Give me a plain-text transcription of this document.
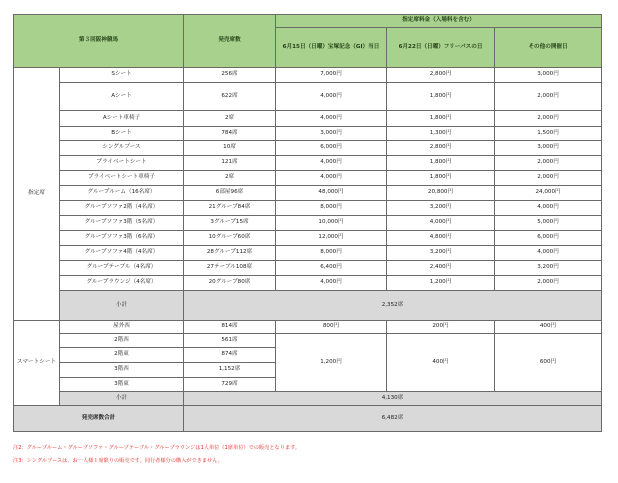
第３回阪神競馬		発売席数	指定席料金（入場料を含む）		
			6月15日（日曜）宝塚記念（GⅠ）当日	6月22日（日曜）フリーパスの日	その他の開催日
指定席	Sシート	256席	7,000円	2,800円	3,000円
	Aシート	622席	4,000円	1,800円	2,000円
	Aシート車椅子	2席	4,000円	1,800円	2,000円
	Bシート	784席	3,000円	1,300円	1,500円
	シングルブース	10席	6,000円	2,800円	3,000円
	プライベートシート	121席	4,000円	1,800円	2,000円
	プライベートシート車椅子	2席	4,000円	1,800円	2,000円
	グループルーム（16名席）	6部屋96席	48,000円	20,800円	24,000円
	グループソファ2階（4名席）	21グループ84席	8,000円	3,200円	4,000円
	グループソファ3階（5名席）	3グループ15席	10,000円	4,000円	5,000円
	グループソファ3階（6名席）	10グループ60席	12,000円	4,800円	6,000円
	グループソファ4階（4名席）	28グループ112席	8,000円	3,200円	4,000円
	グループテーブル（4名席）	27テーブル108席	6,400円	2,400円	3,200円
	グループラウンジ（4名席）	20グループ80席	4,000円	1,200円	2,000円
	小計	2,352席			
スマートシート	屋外西	814席	800円	200円	400円
	2階西	561席	1,200円	400円	600円
	2階東	874席			
	3階西	1,152席			
	3階東	729席			
	小計	4,130席			
発売席数合計		6,482席			
注2：グループルーム・グループソファ・グループテーブル・グループラウンジは1人単位（1席単位）での販売となります。
注3：シングルブースは、お一人様１席限りの販売です。同行者様分の購入ができません。
